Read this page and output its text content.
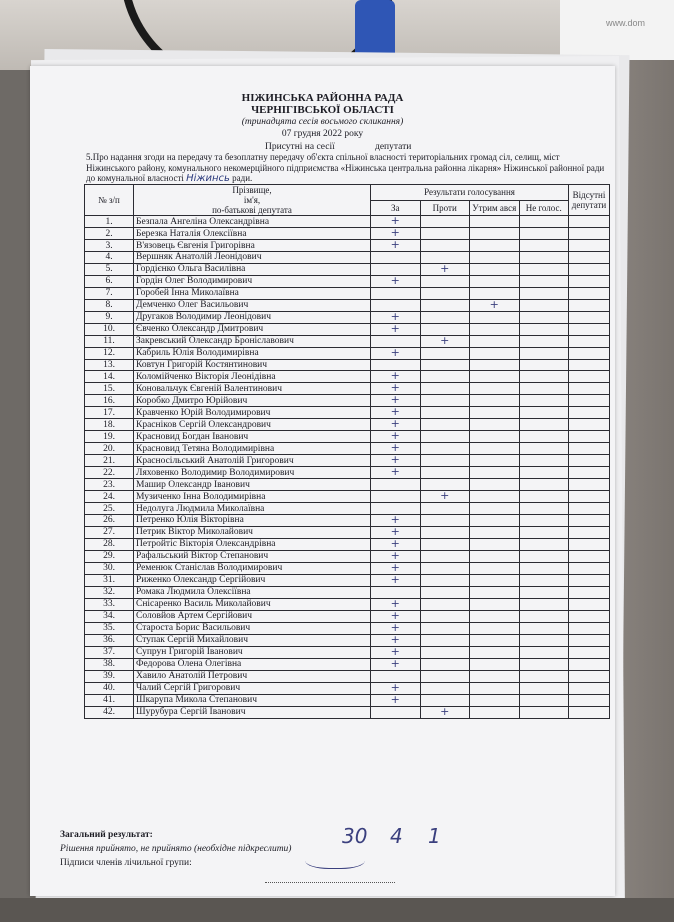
www.dom
НІЖИНСЬКА РАЙОННА РАДА
ЧЕРНІГІВСЬКОЇ ОБЛАСТІ
(тринадцята сесія восьмого скликання)
07 грудня 2022 року
Присутні на сесії	депутати
5.Про надання згоди на передачу та безоплатну передачу об'єкта спільної власності територіальних громад сіл, селищ, міст Ніжинського району, комунального некомерційного підприємства «Ніжинська центральна районна лікарня» Ніжинської районної ради до комунальної власності Ніжинсь ради.
№ з/п	Прізвище,
ім'я,
по-батькові депутата	Результати голосування				Відсутні депутати
		За	Проти	Утрим ався	Не голос.	
1.	Безпала Ангеліна Олександрівна	+				
2.	Березка Наталія Олексіївна	+				
3.	В'язовець Євгенія Григорівна	+				
4.	Вершняк Анатолій Леонідович					
5.	Гордієнко Ольга Василівна		+			
6.	Гордін Олег Володимирович	+				
7.	Горобей Інна Миколаївна					
8.	Демченко Олег Васильович			+		
9.	Другаков Володимир Леонідович	+				
10.	Євченко Олександр Дмитрович	+				
11.	Закревський Олександр Броніславович		+			
12.	Кабриль Юлія Володимирівна	+				
13.	Ковтун Григорій Костянтинович					
14.	Коломійченко Вікторія Леонідівна	+				
15.	Коновальчук Євгеній Валентинович	+				
16.	Коробко Дмитро Юрійович	+				
17.	Кравченко Юрій Володимирович	+				
18.	Красніков Сергій Олександрович	+				
19.	Красновид Богдан Іванович	+				
20.	Красновид Тетяна Володимирівна	+				
21.	Красносільський Анатолій Григорович	+				
22.	Ляховенко Володимир Володимирович	+				
23.	Машир Олександр Іванович					
24.	Музиченко Інна Володимирівна		+			
25.	Недолуга Людмила Миколаївна					
26.	Петренко Юлія Вікторівна	+				
27.	Петрик Віктор Миколайович	+				
28.	Петройтіс Вікторія Олександрівна	+				
29.	Рафальський Віктор Степанович	+				
30.	Ременюк Станіслав Володимирович	+				
31.	Риженко Олександр Сергійович	+				
32.	Ромака Людмила Олексіївна					
33.	Снісаренко Василь Миколайович	+				
34.	Соловйов Артем Сергійович	+				
35.	Староста Борис Васильович	+				
36.	Ступак Сергій Михайлович	+				
37.	Супрун Григорій Іванович	+				
38.	Федорова Олена Олегівна	+				
39.	Хавило Анатолій Петрович					
40.	Чалий Сергій Григорович	+				
41.	Шкарупа Микола Степанович	+				
42.	Шурубура Сергій Іванович		+			
Загальний результат:
Рішення прийнято, не прийнято (необхідне підкреслити)
Підписи членів лічильної групи:
30 4 1
